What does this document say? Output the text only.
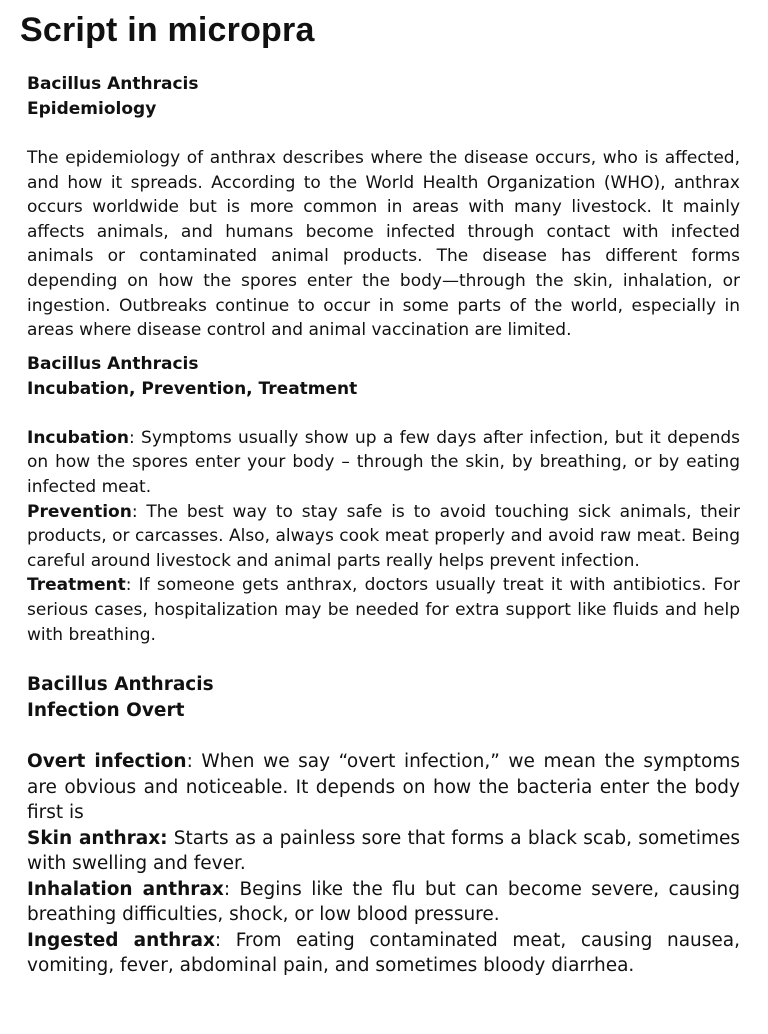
Script in micropra
Bacillus Anthracis
Epidemiology

The epidemiology of anthrax describes where the disease occurs, who is affected, and how it spreads. According to the World Health Organization (WHO), anthrax occurs worldwide but is more common in areas with many livestock. It mainly affects animals, and humans become infected through contact with infected animals or contaminated animal products. The disease has different forms depending on how the spores enter the body—through the skin, inhalation, or ingestion. Outbreaks continue to occur in some parts of the world, especially in areas where disease control and animal vaccination are limited.

Bacillus Anthracis
Incubation, Prevention, Treatment

Incubation: Symptoms usually show up a few days after infection, but it depends on how the spores enter your body – through the skin, by breathing, or by eating infected meat.

Prevention: The best way to stay safe is to avoid touching sick animals, their products, or carcasses. Also, always cook meat properly and avoid raw meat. Being careful around livestock and animal parts really helps prevent infection.

Treatment: If someone gets anthrax, doctors usually treat it with antibiotics. For serious cases, hospitalization may be needed for extra support like fluids and help with breathing.

Bacillus Anthracis
Infection Overt

Overt infection: When we say “overt infection,” we mean the symptoms are obvious and noticeable. It depends on how the bacteria enter the body first is

Skin anthrax: Starts as a painless sore that forms a black scab, sometimes with swelling and fever.

Inhalation anthrax: Begins like the flu but can become severe, causing breathing difficulties, shock, or low blood pressure.

Ingested anthrax: From eating contaminated meat, causing nausea, vomiting, fever, abdominal pain, and sometimes bloody diarrhea.
